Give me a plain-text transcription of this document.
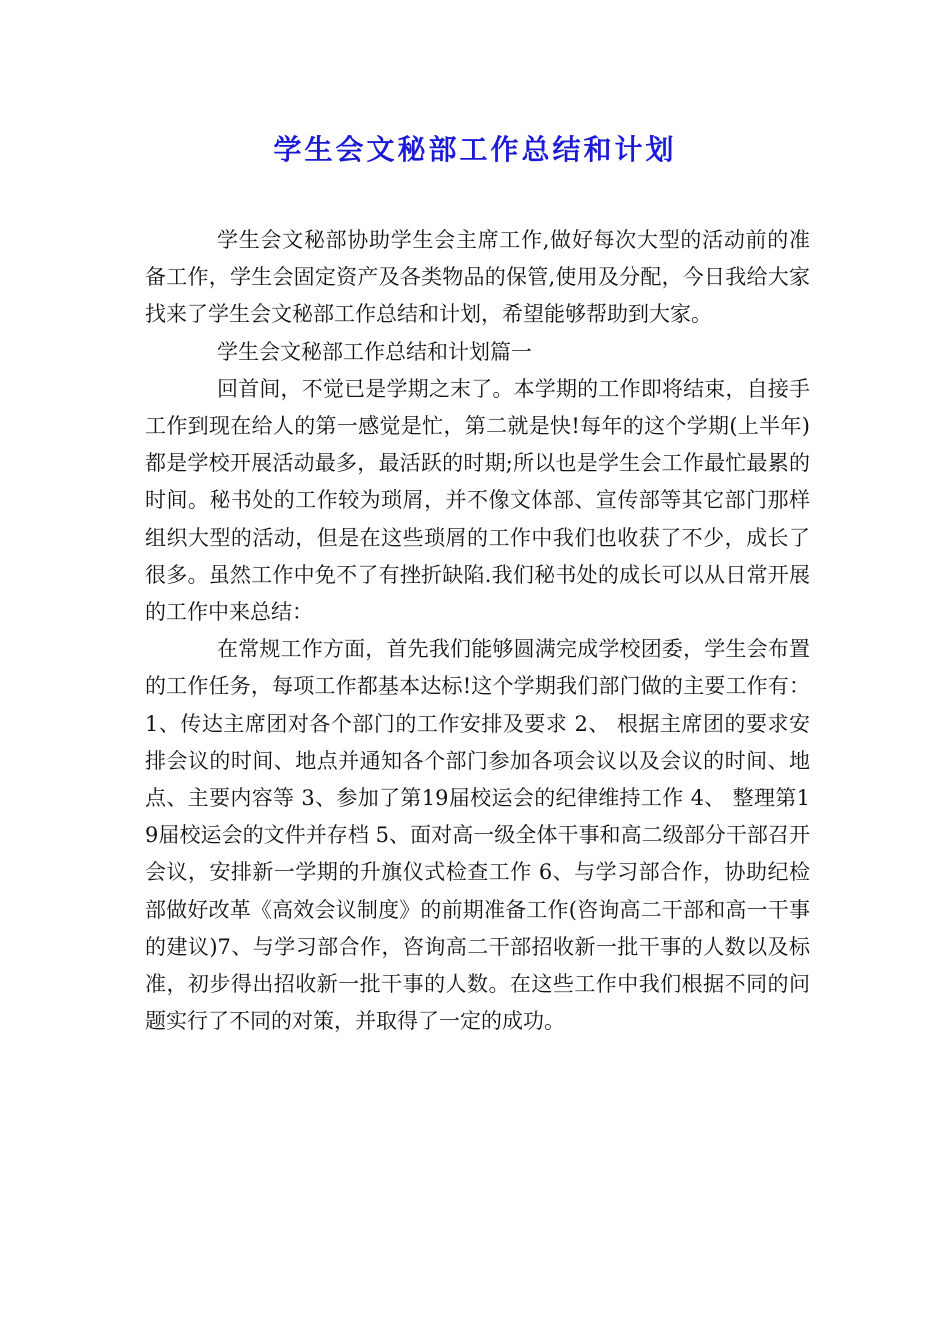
学生会文秘部工作总结和计划

学生会文秘部协助学生会主席工作,做好每次大型的活动前的准备工作，学生会固定资产及各类物品的保管,使用及分配，今日我给大家找来了学生会文秘部工作总结和计划，希望能够帮助到大家。

学生会文秘部工作总结和计划篇一

回首间，不觉已是学期之末了。本学期的工作即将结束，自接手工作到现在给人的第一感觉是忙，第二就是快!每年的这个学期(上半年)都是学校开展活动最多，最活跃的时期;所以也是学生会工作最忙最累的时间。秘书处的工作较为琐屑，并不像文体部、宣传部等其它部门那样组织大型的活动，但是在这些琐屑的工作中我们也收获了不少，成长了很多。虽然工作中免不了有挫折缺陷.我们秘书处的成长可以从日常开展的工作中来总结：

在常规工作方面，首先我们能够圆满完成学校团委，学生会布置的工作任务，每项工作都基本达标!这个学期我们部门做的主要工作有：1、传达主席团对各个部门的工作安排及要求 2、 根据主席团的要求安排会议的时间、地点并通知各个部门参加各项会议以及会议的时间、地点、主要内容等 3、参加了第19届校运会的纪律维持工作 4、 整理第19届校运会的文件并存档 5、面对高一级全体干事和高二级部分干部召开会议，安排新一学期的升旗仪式检查工作 6、与学习部合作，协助纪检部做好改革《高效会议制度》的前期准备工作(咨询高二干部和高一干事的建议)7、与学习部合作，咨询高二干部招收新一批干事的人数以及标准，初步得出招收新一批干事的人数。在这些工作中我们根据不同的问题实行了不同的对策，并取得了一定的成功。
